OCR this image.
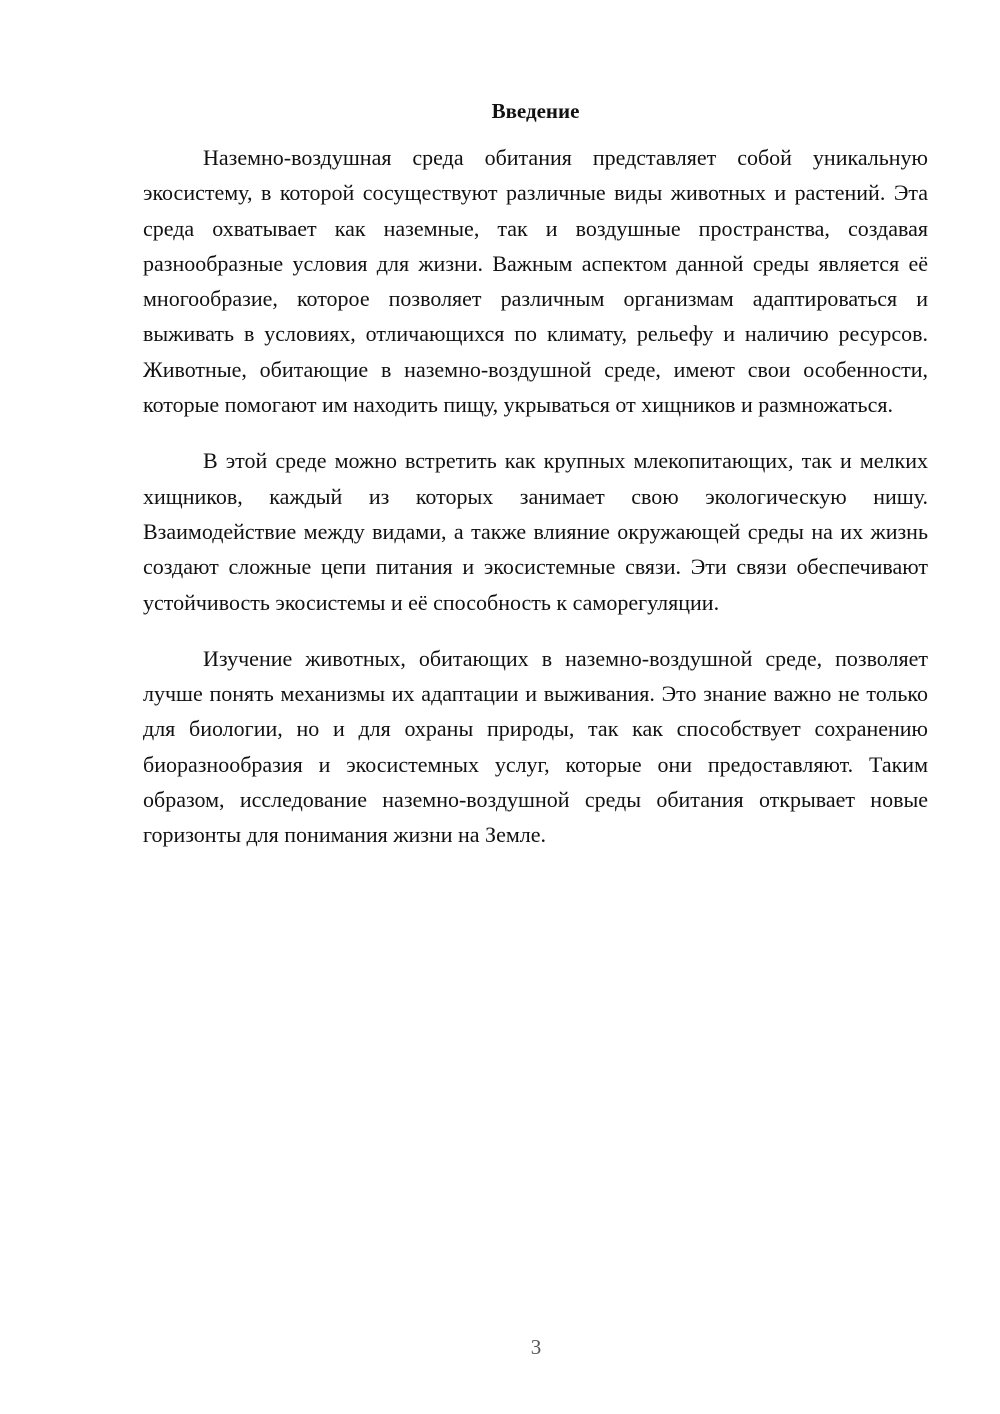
Введение

Наземно-воздушная среда обитания представляет собой уникальную экосистему, в которой сосуществуют различные виды животных и растений. Эта среда охватывает как наземные, так и воздушные пространства, создавая разнообразные условия для жизни. Важным аспектом данной среды является её многообразие, которое позволяет различным организмам адаптироваться и выживать в условиях, отличающихся по климату, рельефу и наличию ресурсов. Животные, обитающие в наземно-воздушной среде, имеют свои особенности, которые помогают им находить пищу, укрываться от хищников и размножаться.

В этой среде можно встретить как крупных млекопитающих, так и мелких хищников, каждый из которых занимает свою экологическую нишу. Взаимодействие между видами, а также влияние окружающей среды на их жизнь создают сложные цепи питания и экосистемные связи. Эти связи обеспечивают устойчивость экосистемы и её способность к саморегуляции.

Изучение животных, обитающих в наземно-воздушной среде, позволяет лучше понять механизмы их адаптации и выживания. Это знание важно не только для биологии, но и для охраны природы, так как способствует сохранению биоразнообразия и экосистемных услуг, которые они предоставляют. Таким образом, исследование наземно-воздушной среды обитания открывает новые горизонты для понимания жизни на Земле.

3
